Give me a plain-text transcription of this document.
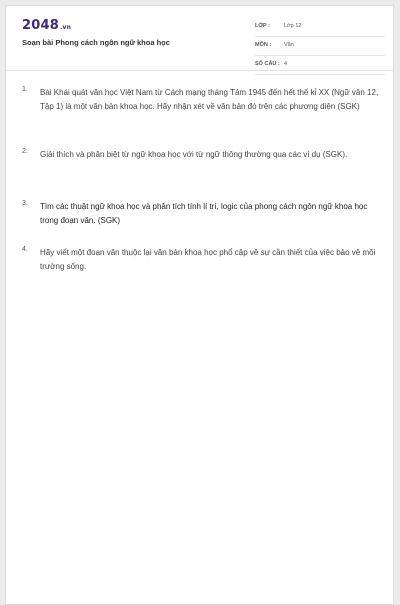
2048.vn
Soạn bài Phong cách ngôn ngữ khoa học
LỚP :	Lớp 12
MÔN : Văn
SỐ CÂU : 4
1. Bài Khái quát văn học Việt Nam từ Cách mạng tháng Tám 1945 đến hết thế kỉ XX (Ngữ văn 12, Tập 1) là một văn bản khoa học. Hãy nhận xét về văn bản đó trên các phương diện (SGK)
2. Giải thích và phân biệt từ ngữ khoa học với từ ngữ thông thường qua các ví dụ (SGK).
3. Tìm các thuật ngữ khoa học và phân tích tính lí trí, logic của phong cách ngôn ngữ khoa học trong đoạn văn. (SGK)
4. Hãy viết một đoạn văn thuộc lại văn bản khoa học phổ cập về sự cần thiết của việc bảo vệ môi trường sống.
